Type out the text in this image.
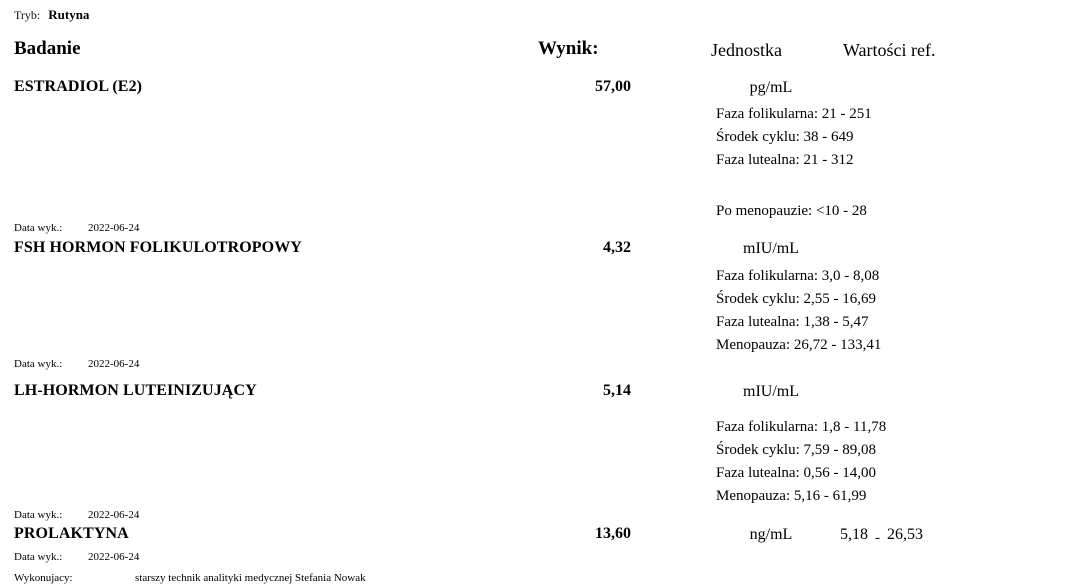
Tryb: Rutyna
Badanie	Wynik:	Jednostka	Wartości ref.
ESTRADIOL (E2)	57,00	pg/mL
Faza folikularna: 21 - 251
Środek cyklu: 38 - 649
Faza lutealna: 21 - 312
Po menopauzie: <10 - 28
Data wyk.: 2022-06-24
FSH HORMON FOLIKULOTROPOWY	4,32	mIU/mL
Faza folikularna: 3,0 - 8,08
Środek cyklu: 2,55 - 16,69
Faza lutealna: 1,38 - 5,47
Menopauza: 26,72 - 133,41
Data wyk.: 2022-06-24
LH-HORMON LUTEINIZUJĄCY	5,14	mIU/mL
Faza folikularna: 1,8 - 11,78
Środek cyklu: 7,59 - 89,08
Faza lutealna: 0,56 - 14,00
Menopauza: 5,16 - 61,99
Data wyk.: 2022-06-24
PROLAKTYNA	13,60	ng/mL	5,18 - 26,53
Data wyk.: 2022-06-24
Wykonujacy:	starszy technik analityki medycznej Stefania Nowak
